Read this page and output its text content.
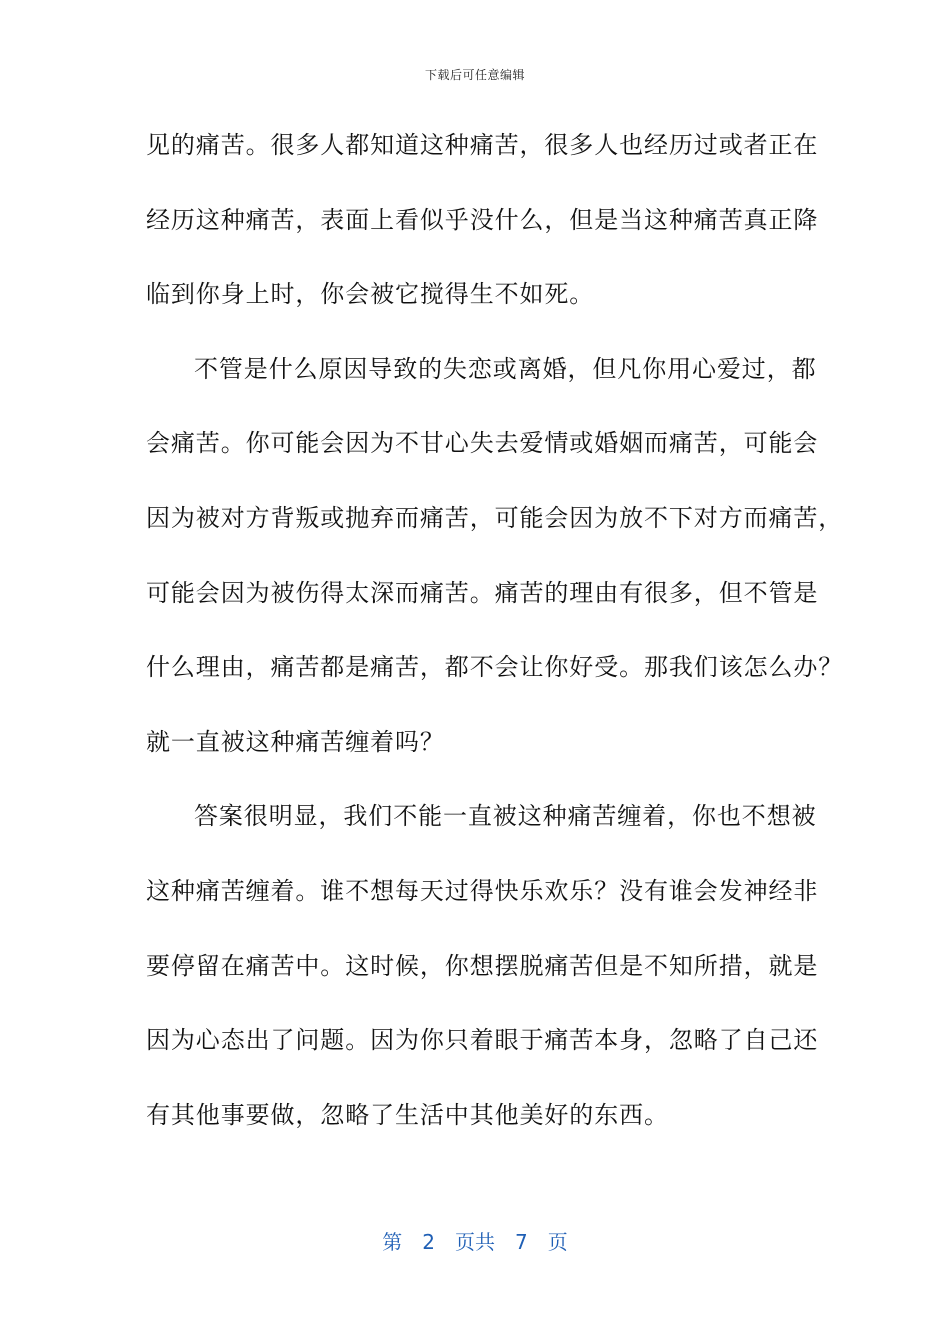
下载后可任意编辑
见的痛苦。很多人都知道这种痛苦，很多人也经历过或者正在
经历这种痛苦，表面上看似乎没什么，但是当这种痛苦真正降
临到你身上时，你会被它搅得生不如死。
不管是什么原因导致的失恋或离婚，但凡你用心爱过，都
会痛苦。你可能会因为不甘心失去爱情或婚姻而痛苦，可能会
因为被对方背叛或抛弃而痛苦，可能会因为放不下对方而痛苦，
可能会因为被伤得太深而痛苦。痛苦的理由有很多，但不管是
什么理由，痛苦都是痛苦，都不会让你好受。那我们该怎么办？
就一直被这种痛苦缠着吗？
答案很明显，我们不能一直被这种痛苦缠着，你也不想被
这种痛苦缠着。谁不想每天过得快乐欢乐？没有谁会发神经非
要停留在痛苦中。这时候，你想摆脱痛苦但是不知所措，就是
因为心态出了问题。因为你只着眼于痛苦本身，忽略了自己还
有其他事要做，忽略了生活中其他美好的东西。
第 2 页共 7 页
